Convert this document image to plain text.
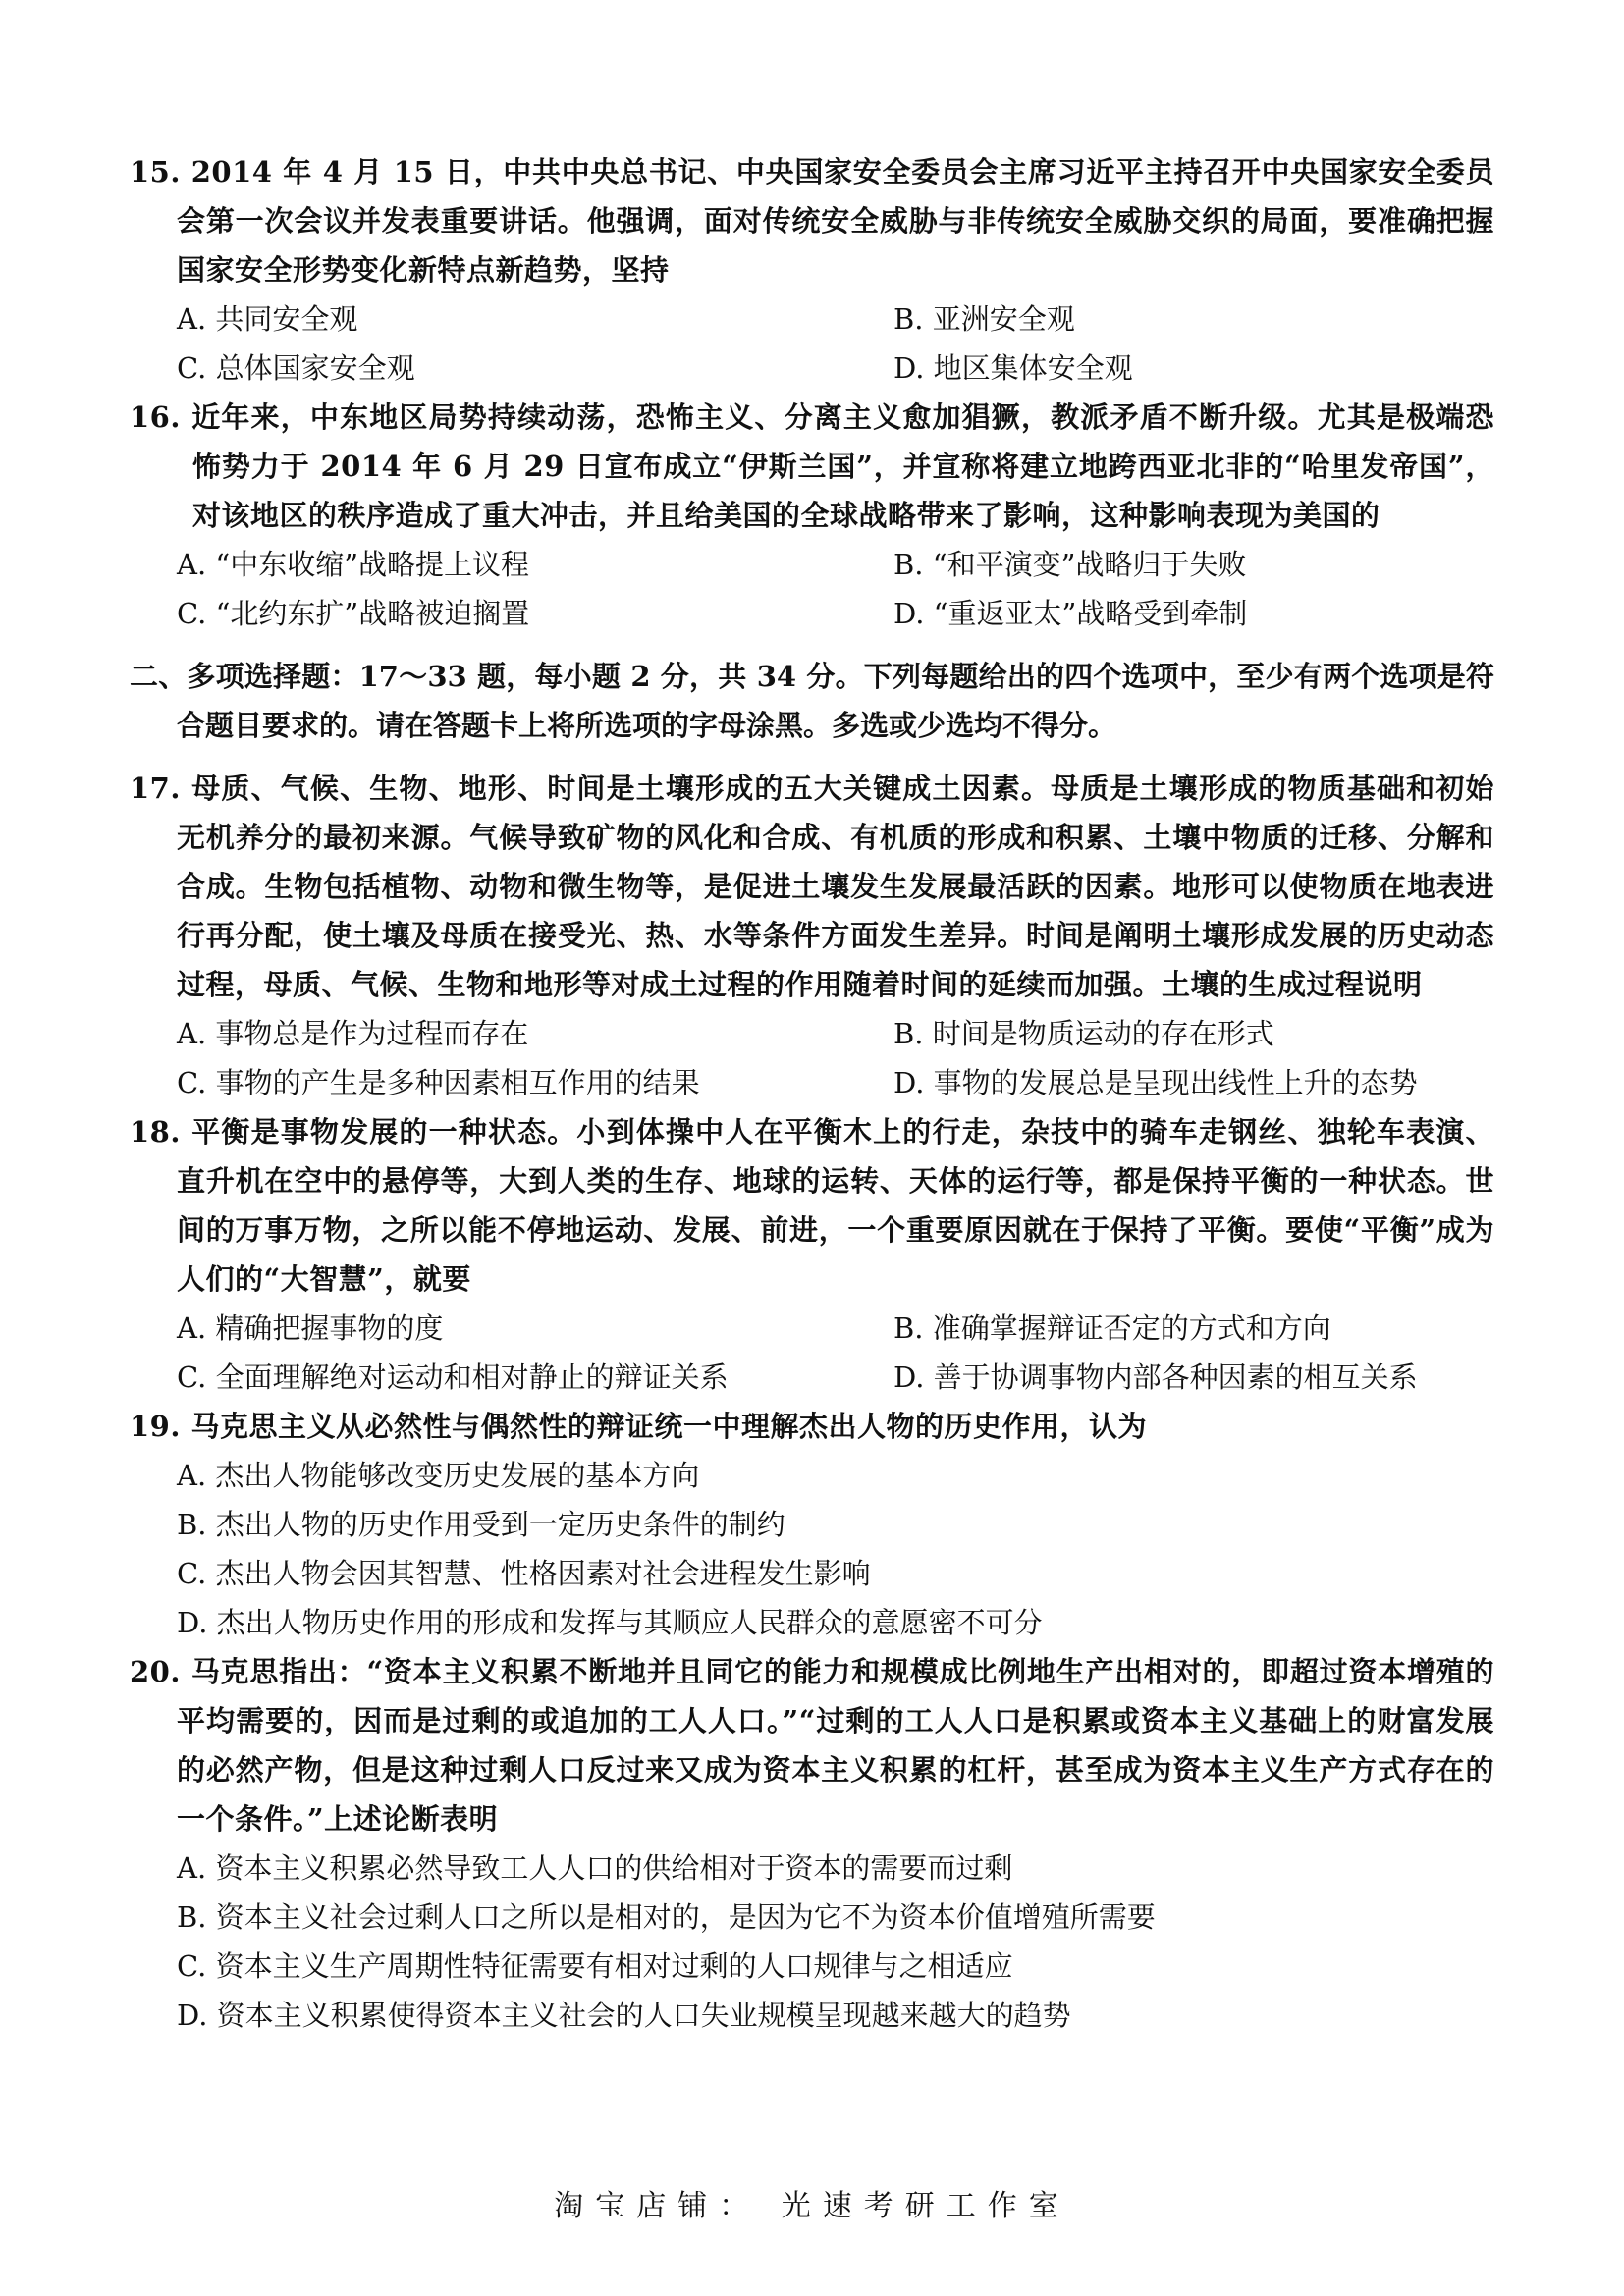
15. 2014 年 4 月 15 日，中共中央总书记、中央国家安全委员会主席习近平主持召开中央国家安全委员会第一次会议并发表重要讲话。他强调，面对传统安全威胁与非传统安全威胁交织的局面，要准确把握国家安全形势变化新特点新趋势，坚持
A. 共同安全观	B. 亚洲安全观
C. 总体国家安全观	D. 地区集体安全观
16. 近年来，中东地区局势持续动荡，恐怖主义、分离主义愈加猖獗，教派矛盾不断升级。尤其是极端恐怖势力于 2014 年 6 月 29 日宣布成立“伊斯兰国”，并宣称将建立地跨西亚北非的“哈里发帝国”，对该地区的秩序造成了重大冲击，并且给美国的全球战略带来了影响，这种影响表现为美国的
A. “中东收缩”战略提上议程	B. “和平演变”战略归于失败
C. “北约东扩”战略被迫搁置	D. “重返亚太”战略受到牵制
二、多项选择题：17～33 题，每小题 2 分，共 34 分。下列每题给出的四个选项中，至少有两个选项是符合题目要求的。请在答题卡上将所选项的字母涂黑。多选或少选均不得分。
17. 母质、气候、生物、地形、时间是土壤形成的五大关键成土因素。母质是土壤形成的物质基础和初始无机养分的最初来源。气候导致矿物的风化和合成、有机质的形成和积累、土壤中物质的迁移、分解和合成。生物包括植物、动物和微生物等，是促进土壤发生发展最活跃的因素。地形可以使物质在地表进行再分配，使土壤及母质在接受光、热、水等条件方面发生差异。时间是阐明土壤形成发展的历史动态过程，母质、气候、生物和地形等对成土过程的作用随着时间的延续而加强。土壤的生成过程说明
A. 事物总是作为过程而存在	B. 时间是物质运动的存在形式
C. 事物的产生是多种因素相互作用的结果	D. 事物的发展总是呈现出线性上升的态势
18. 平衡是事物发展的一种状态。小到体操中人在平衡木上的行走，杂技中的骑车走钢丝、独轮车表演、直升机在空中的悬停等，大到人类的生存、地球的运转、天体的运行等，都是保持平衡的一种状态。世间的万事万物，之所以能不停地运动、发展、前进，一个重要原因就在于保持了平衡。要使“平衡”成为人们的“大智慧”，就要
A. 精确把握事物的度	B. 准确掌握辩证否定的方式和方向
C. 全面理解绝对运动和相对静止的辩证关系	D. 善于协调事物内部各种因素的相互关系
19. 马克思主义从必然性与偶然性的辩证统一中理解杰出人物的历史作用，认为
A. 杰出人物能够改变历史发展的基本方向
B. 杰出人物的历史作用受到一定历史条件的制约
C. 杰出人物会因其智慧、性格因素对社会进程发生影响
D. 杰出人物历史作用的形成和发挥与其顺应人民群众的意愿密不可分
20. 马克思指出：“资本主义积累不断地并且同它的能力和规模成比例地生产出相对的，即超过资本增殖的平均需要的，因而是过剩的或追加的工人人口。”“过剩的工人人口是积累或资本主义基础上的财富发展的必然产物，但是这种过剩人口反过来又成为资本主义积累的杠杆，甚至成为资本主义生产方式存在的一个条件。”上述论断表明
A. 资本主义积累必然导致工人人口的供给相对于资本的需要而过剩
B. 资本主义社会过剩人口之所以是相对的，是因为它不为资本价值增殖所需要
C. 资本主义生产周期性特征需要有相对过剩的人口规律与之相适应
D. 资本主义积累使得资本主义社会的人口失业规模呈现越来越大的趋势
淘宝店铺： 光速考研工作室
